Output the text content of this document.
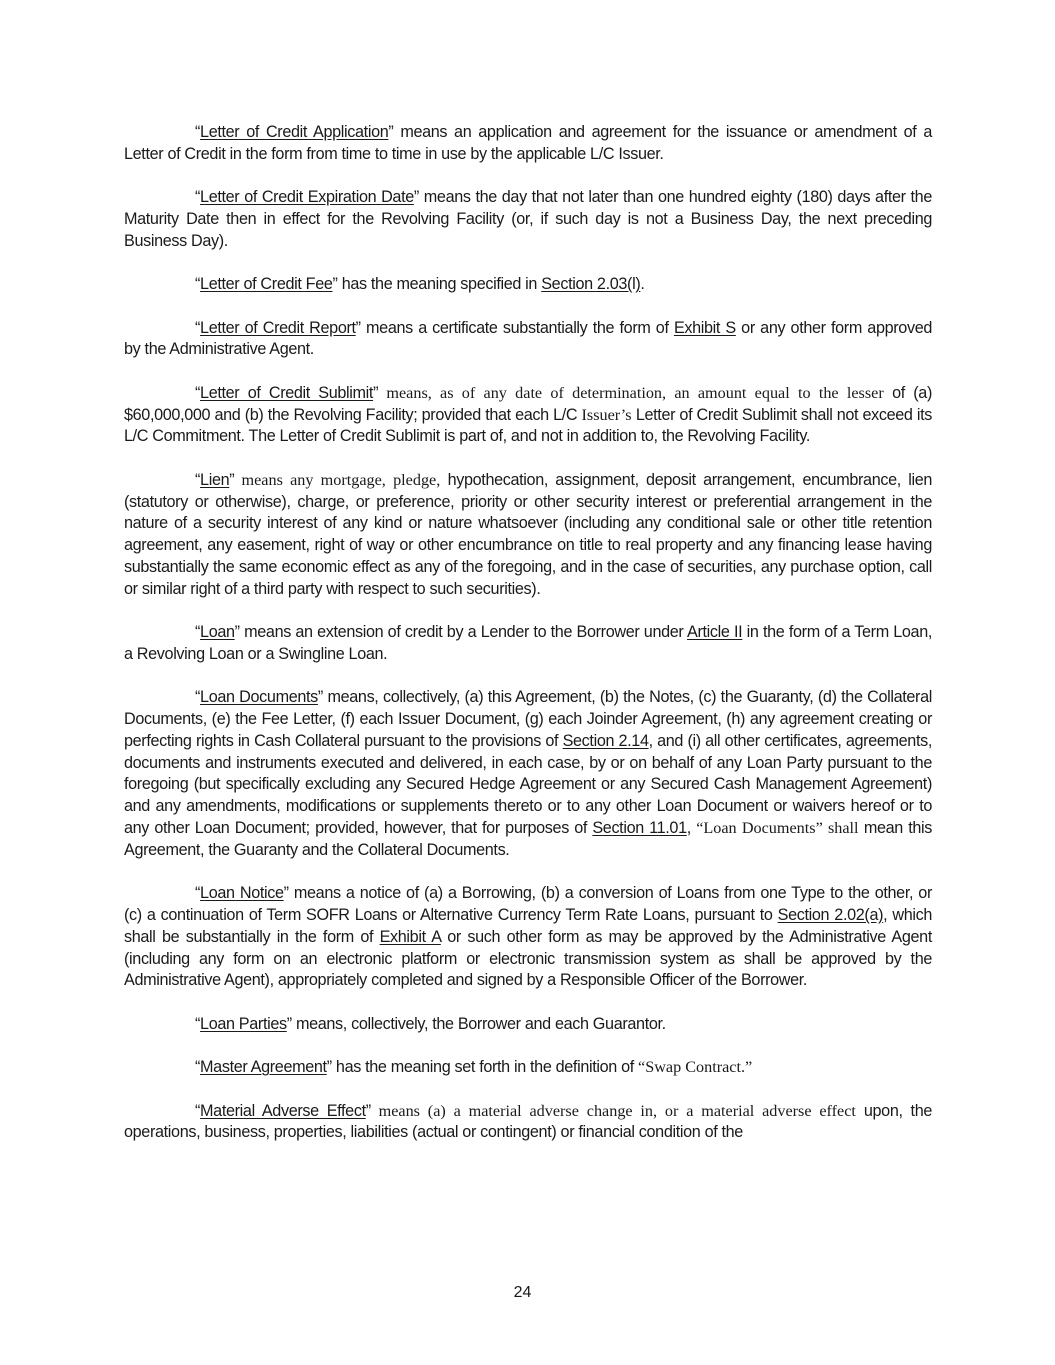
“Letter of Credit Application” means an application and agreement for the issuance or amendment of a Letter of Credit in the form from time to time in use by the applicable L/C Issuer.

“Letter of Credit Expiration Date” means the day that not later than one hundred eighty (180) days after the Maturity Date then in effect for the Revolving Facility (or, if such day is not a Business Day, the next preceding Business Day).

“Letter of Credit Fee” has the meaning specified in Section 2.03(l).

“Letter of Credit Report” means a certificate substantially the form of Exhibit S or any other form approved by the Administrative Agent.

“Letter of Credit Sublimit” means, as of any date of determination, an amount equal to the lesser of (a) $60,000,000 and (b) the Revolving Facility; provided that each L/C Issuer’s Letter of Credit Sublimit shall not exceed its L/C Commitment. The Letter of Credit Sublimit is part of, and not in addition to, the Revolving Facility.

“Lien” means any mortgage, pledge, hypothecation, assignment, deposit arrangement, encumbrance, lien (statutory or otherwise), charge, or preference, priority or other security interest or preferential arrangement in the nature of a security interest of any kind or nature whatsoever (including any conditional sale or other title retention agreement, any easement, right of way or other encumbrance on title to real property and any financing lease having substantially the same economic effect as any of the foregoing, and in the case of securities, any purchase option, call or similar right of a third party with respect to such securities).

“Loan” means an extension of credit by a Lender to the Borrower under Article II in the form of a Term Loan, a Revolving Loan or a Swingline Loan.

“Loan Documents” means, collectively, (a) this Agreement, (b) the Notes, (c) the Guaranty, (d) the Collateral Documents, (e) the Fee Letter, (f) each Issuer Document, (g) each Joinder Agreement, (h) any agreement creating or perfecting rights in Cash Collateral pursuant to the provisions of Section 2.14, and (i) all other certificates, agreements, documents and instruments executed and delivered, in each case, by or on behalf of any Loan Party pursuant to the foregoing (but specifically excluding any Secured Hedge Agreement or any Secured Cash Management Agreement) and any amendments, modifications or supplements thereto or to any other Loan Document or waivers hereof or to any other Loan Document; provided, however, that for purposes of Section 11.01, “Loan Documents” shall mean this Agreement, the Guaranty and the Collateral Documents.

“Loan Notice” means a notice of (a) a Borrowing, (b) a conversion of Loans from one Type to the other, or (c) a continuation of Term SOFR Loans or Alternative Currency Term Rate Loans, pursuant to Section 2.02(a), which shall be substantially in the form of Exhibit A or such other form as may be approved by the Administrative Agent (including any form on an electronic platform or electronic transmission system as shall be approved by the Administrative Agent), appropriately completed and signed by a Responsible Officer of the Borrower.

“Loan Parties” means, collectively, the Borrower and each Guarantor.

“Master Agreement” has the meaning set forth in the definition of “Swap Contract.”

“Material Adverse Effect” means (a) a material adverse change in, or a material adverse effect upon, the operations, business, properties, liabilities (actual or contingent) or financial condition of the

24
